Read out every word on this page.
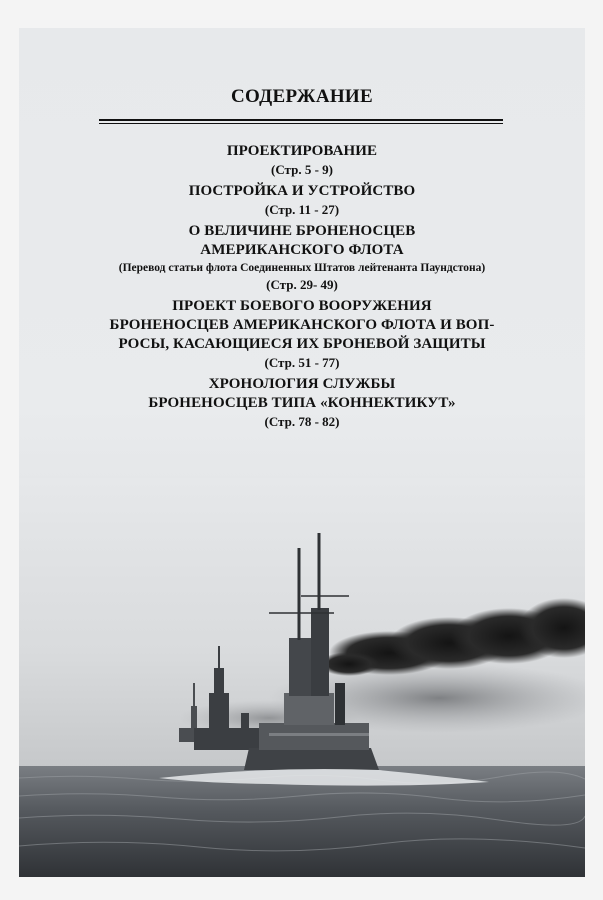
СОДЕРЖАНИЕ
ПРОЕКТИРОВАНИЕ
(Стр. 5 - 9)
ПОСТРОЙКА И УСТРОЙСТВО
(Стр. 11 - 27)
О ВЕЛИЧИНЕ БРОНЕНОСЦЕВ
АМЕРИКАНСКОГО ФЛОТА
(Перевод статьи флота Соединенных Штатов лейтенанта Паундстона)
(Стр. 29- 49)
ПРОЕКТ БОЕВОГО ВООРУЖЕНИЯ
БРОНЕНОСЦЕВ АМЕРИКАНСКОГО ФЛОТА И ВОП-
РОСЫ, КАСАЮЩИЕСЯ ИХ БРОНЕВОЙ ЗАЩИТЫ
(Стр. 51 - 77)
ХРОНОЛОГИЯ СЛУЖБЫ
БРОНЕНОСЦЕВ ТИПА «КОННЕКТИКУТ»
(Стр. 78 - 82)
